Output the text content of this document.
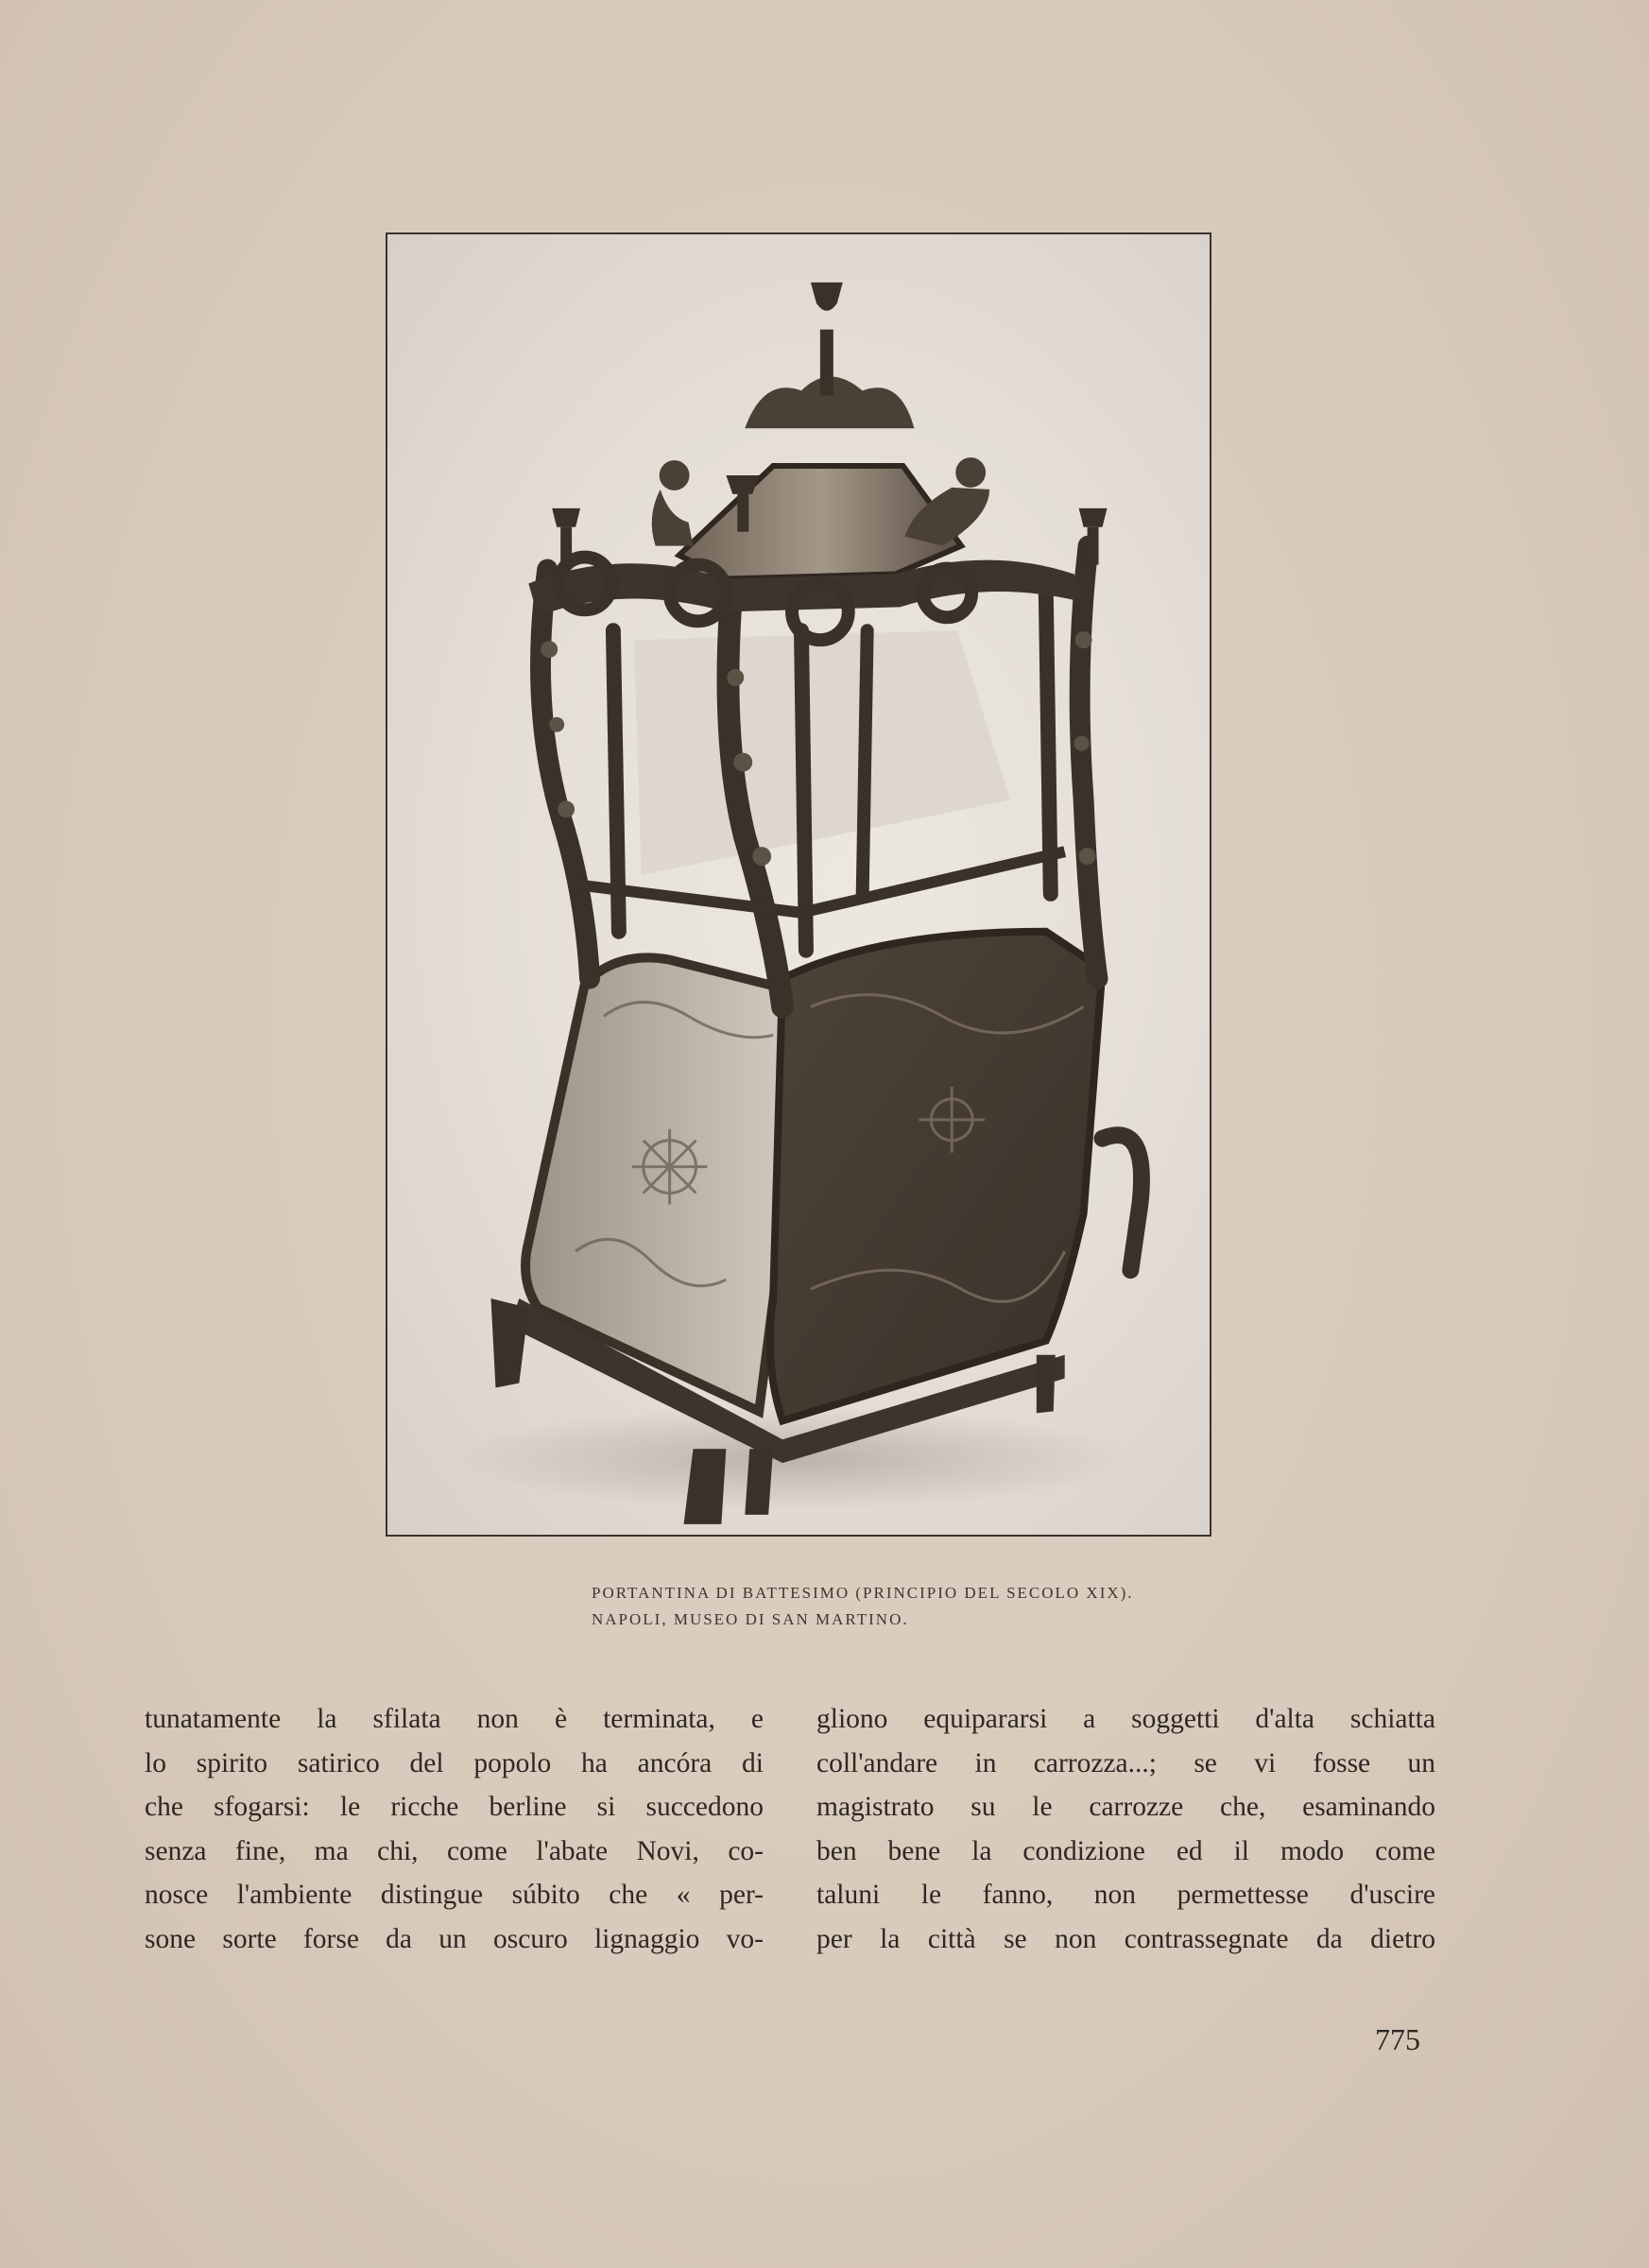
PORTANTINA DI BATTESIMO (PRINCIPIO DEL SECOLO XIX).
NAPOLI, MUSEO DI SAN MARTINO.
tunatamente la sfilata non è terminata, e
lo spirito satirico del popolo ha ancóra di
che sfogarsi: le ricche berline si succedono
senza fine, ma chi, come l'abate Novi, co-
nosce l'ambiente distingue súbito che « per-
sone sorte forse da un oscuro lignaggio vo-
gliono equipararsi a soggetti d'alta schiatta
coll'andare in carrozza...; se vi fosse un
magistrato su le carrozze che, esaminando
ben bene la condizione ed il modo come
taluni le fanno, non permettesse d'uscire
per la città se non contrassegnate da dietro
775
